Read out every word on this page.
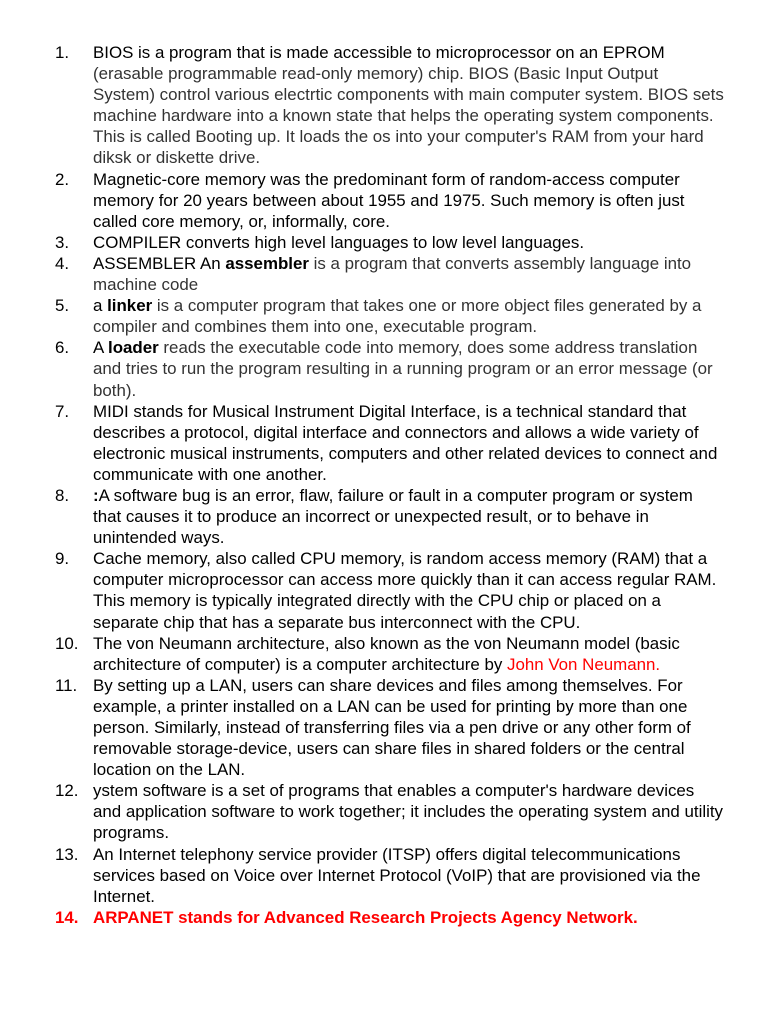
1.	BIOS is a program that is made accessible to microprocessor on an EPROM (erasable programmable read-only memory) chip. BIOS (Basic Input Output System) control various electrtic components with main computer system. BIOS sets machine hardware into a known state that helps the operating system components. This is called Booting up. It loads the os into your computer's RAM from your hard diksk or diskette drive.
2.	Magnetic-core memory was the predominant form of random-access computer memory for 20 years between about 1955 and 1975. Such memory is often just called core memory, or, informally, core.
3.	COMPILER converts high level languages to low level languages.
4.	ASSEMBLER An assembler is a program that converts assembly language into machine code
5.	a linker is a computer program that takes one or more object files generated by a compiler and combines them into one, executable program.
6.	A loader reads the executable code into memory, does some address translation and tries to run the program resulting in a running program or an error message (or both).
7.	MIDI stands for Musical Instrument Digital Interface, is a technical standard that describes a protocol, digital interface and connectors and allows a wide variety of electronic musical instruments, computers and other related devices to connect and communicate with one another.
8.	:A software bug is an error, flaw, failure or fault in a computer program or system that causes it to produce an incorrect or unexpected result, or to behave in unintended ways.
9.	Cache memory, also called CPU memory, is random access memory (RAM) that a computer microprocessor can access more quickly than it can access regular RAM. This memory is typically integrated directly with the CPU chip or placed on a separate chip that has a separate bus interconnect with the CPU.
10. The von Neumann architecture, also known as the von Neumann model (basic architecture of computer) is a computer architecture by John Von Neumann.
11. By setting up a LAN, users can share devices and files among themselves. For example, a printer installed on a LAN can be used for printing by more than one person. Similarly, instead of transferring files via a pen drive or any other form of removable storage-device, users can share files in shared folders or the central location on the LAN.
12. ystem software is a set of programs that enables a computer's hardware devices and application software to work together; it includes the operating system and utility programs.
13. An Internet telephony service provider (ITSP) offers digital telecommunications services based on Voice over Internet Protocol (VoIP) that are provisioned via the Internet.
14. ARPANET stands for Advanced Research Projects Agency Network.
